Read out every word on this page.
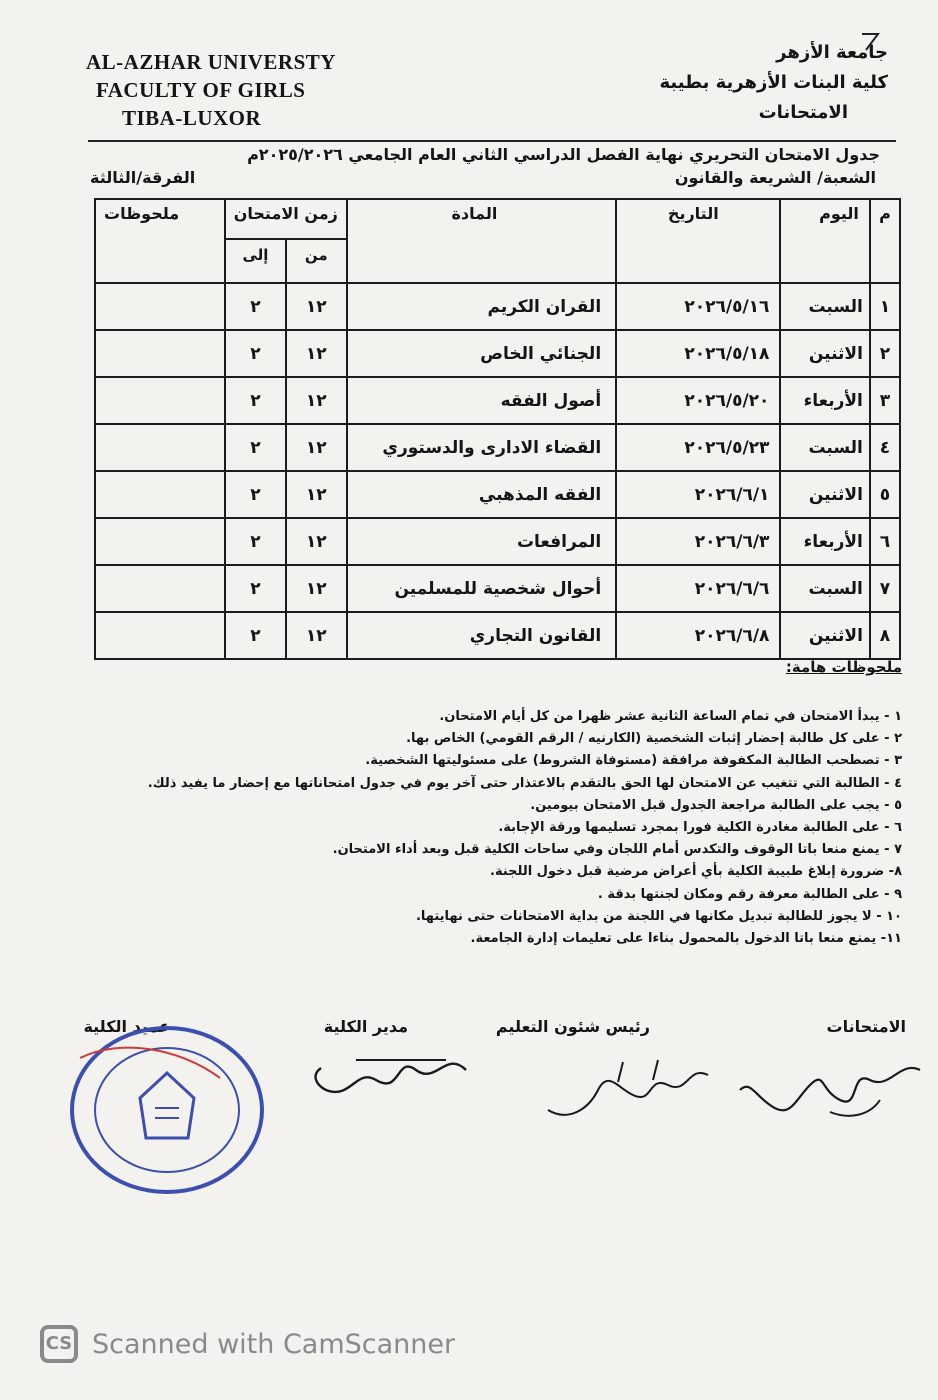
AL-AZHAR UNIVERSTY
FACULTY OF GIRLS
TIBA-LUXOR
جامعة الأزهر
كلية البنات الأزهرية بطيبة
الامتحانات
جدول الامتحان التحريري نهاية الفصل الدراسي الثاني العام الجامعي ٢٠٢٥/٢٠٢٦م
الشعبة/ الشريعة والقانون
الفرقة/الثالثة
م	اليوم	التاريخ	المادة	زمن الامتحان		ملحوظات
				من	إلى	
١	السبت	٢٠٢٦/٥/١٦	القران الكريم	١٢	٢	
٢	الاثنين	٢٠٢٦/٥/١٨	الجنائي الخاص	١٢	٢	
٣	الأربعاء	٢٠٢٦/٥/٢٠	أصول الفقه	١٢	٢	
٤	السبت	٢٠٢٦/٥/٢٣	القضاء الادارى والدستوري	١٢	٢	
٥	الاثنين	٢٠٢٦/٦/١	الفقه المذهبي	١٢	٢	
٦	الأربعاء	٢٠٢٦/٦/٣	المرافعات	١٢	٢	
٧	السبت	٢٠٢٦/٦/٦	أحوال شخصية للمسلمين	١٢	٢	
٨	الاثنين	٢٠٢٦/٦/٨	القانون التجاري	١٢	٢	
ملحوظات هامة:
١ - يبدأ الامتحان في تمام الساعة الثانية عشر ظهرا من كل أيام الامتحان.
٢ - على كل طالبة إحضار إثبات الشخصية (الكارنيه / الرقم القومي) الخاص بها.
٣ - تصطحب الطالبة المكفوفة مرافقة (مستوفاة الشروط) على مسئوليتها الشخصية.
٤ - الطالبة التي تتغيب عن الامتحان لها الحق بالتقدم بالاعتذار حتى آخر يوم في جدول امتحاناتها مع إحضار ما يفيد ذلك.
٥ - يجب على الطالبة مراجعة الجدول قبل الامتحان بيومين.
٦ - على الطالبة مغادرة الكلية فورا بمجرد تسليمها ورقة الإجابة.
٧ - يمنع منعا باتا الوقوف والتكدس أمام اللجان وفي ساحات الكلية قبل وبعد أداء الامتحان.
٨- ضرورة إبلاغ طبيبة الكلية بأي أعراض مرضية قبل دخول اللجنة.
٩ - على الطالبة معرفة رقم ومكان لجنتها بدقة .
١٠ - لا يجوز للطالبة تبديل مكانها في اللجنة من بداية الامتحانات حتى نهايتها.
١١- يمنع منعا باتا الدخول بالمحمول بناءا على تعليمات إدارة الجامعة.
الامتحانات
رئيس شئون التعليم
مدير الكلية
عميد الكلية
CS Scanned with CamScanner
